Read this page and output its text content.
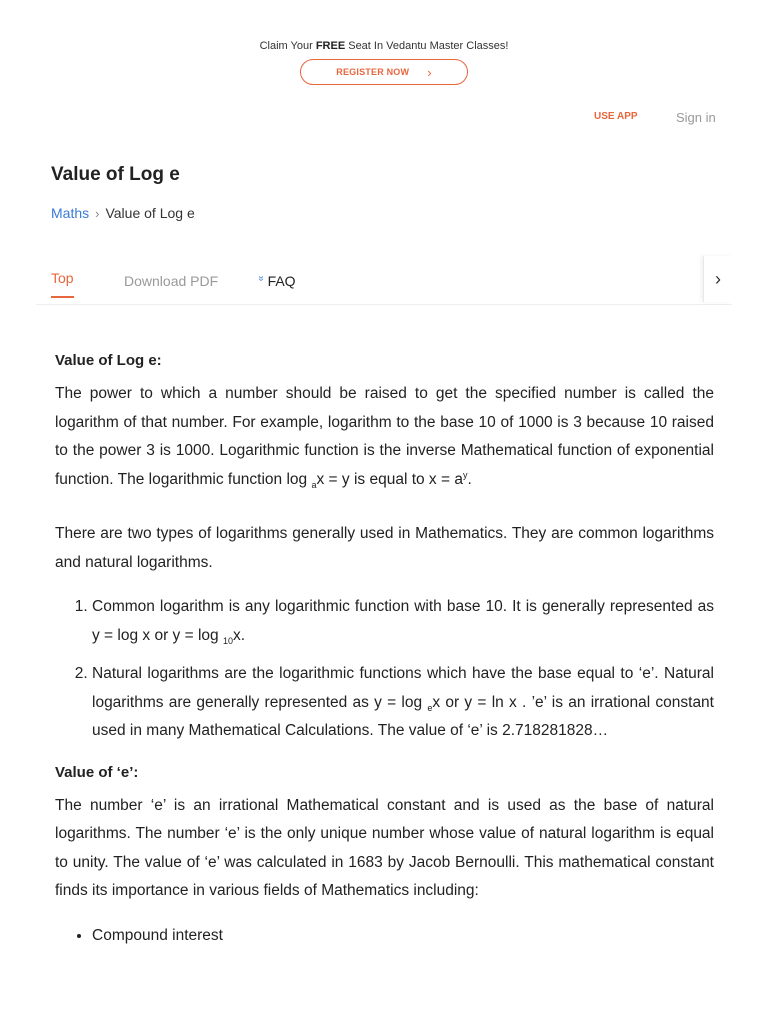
Claim Your FREE Seat In Vedantu Master Classes!
REGISTER NOW ›
USE APP	Sign in
Value of Log e
Maths › Value of Log e
Top	Download PDF	» FAQ	›
Value of Log e:

The power to which a number should be raised to get the specified number is called the logarithm of that number. For example, logarithm to the base 10 of 1000 is 3 because 10 raised to the power 3 is 1000. Logarithmic function is the inverse Mathematical function of exponential function. The logarithmic function log $_a$x = y is equal to $x = a^y$.

There are two types of logarithms generally used in Mathematics. They are common logarithms and natural logarithms.

1. Common logarithm is any logarithmic function with base 10. It is generally represented as y = log x or y = log $_{10}$x.
2. Natural logarithms are the logarithmic functions which have the base equal to ‘e’. Natural logarithms are generally represented as y = log $_e$x or y = ln x . ’e’ is an irrational constant used in many Mathematical Calculations. The value of ‘e’ is 2.718281828…
Value of ‘e’:

The number ‘e’ is an irrational Mathematical constant and is used as the base of natural logarithms. The number ‘e’ is the only unique number whose value of natural logarithm is equal to unity. The value of ‘e’ was calculated in 1683 by Jacob Bernoulli. This mathematical constant finds its importance in various fields of Mathematics including:

• Compound interest
